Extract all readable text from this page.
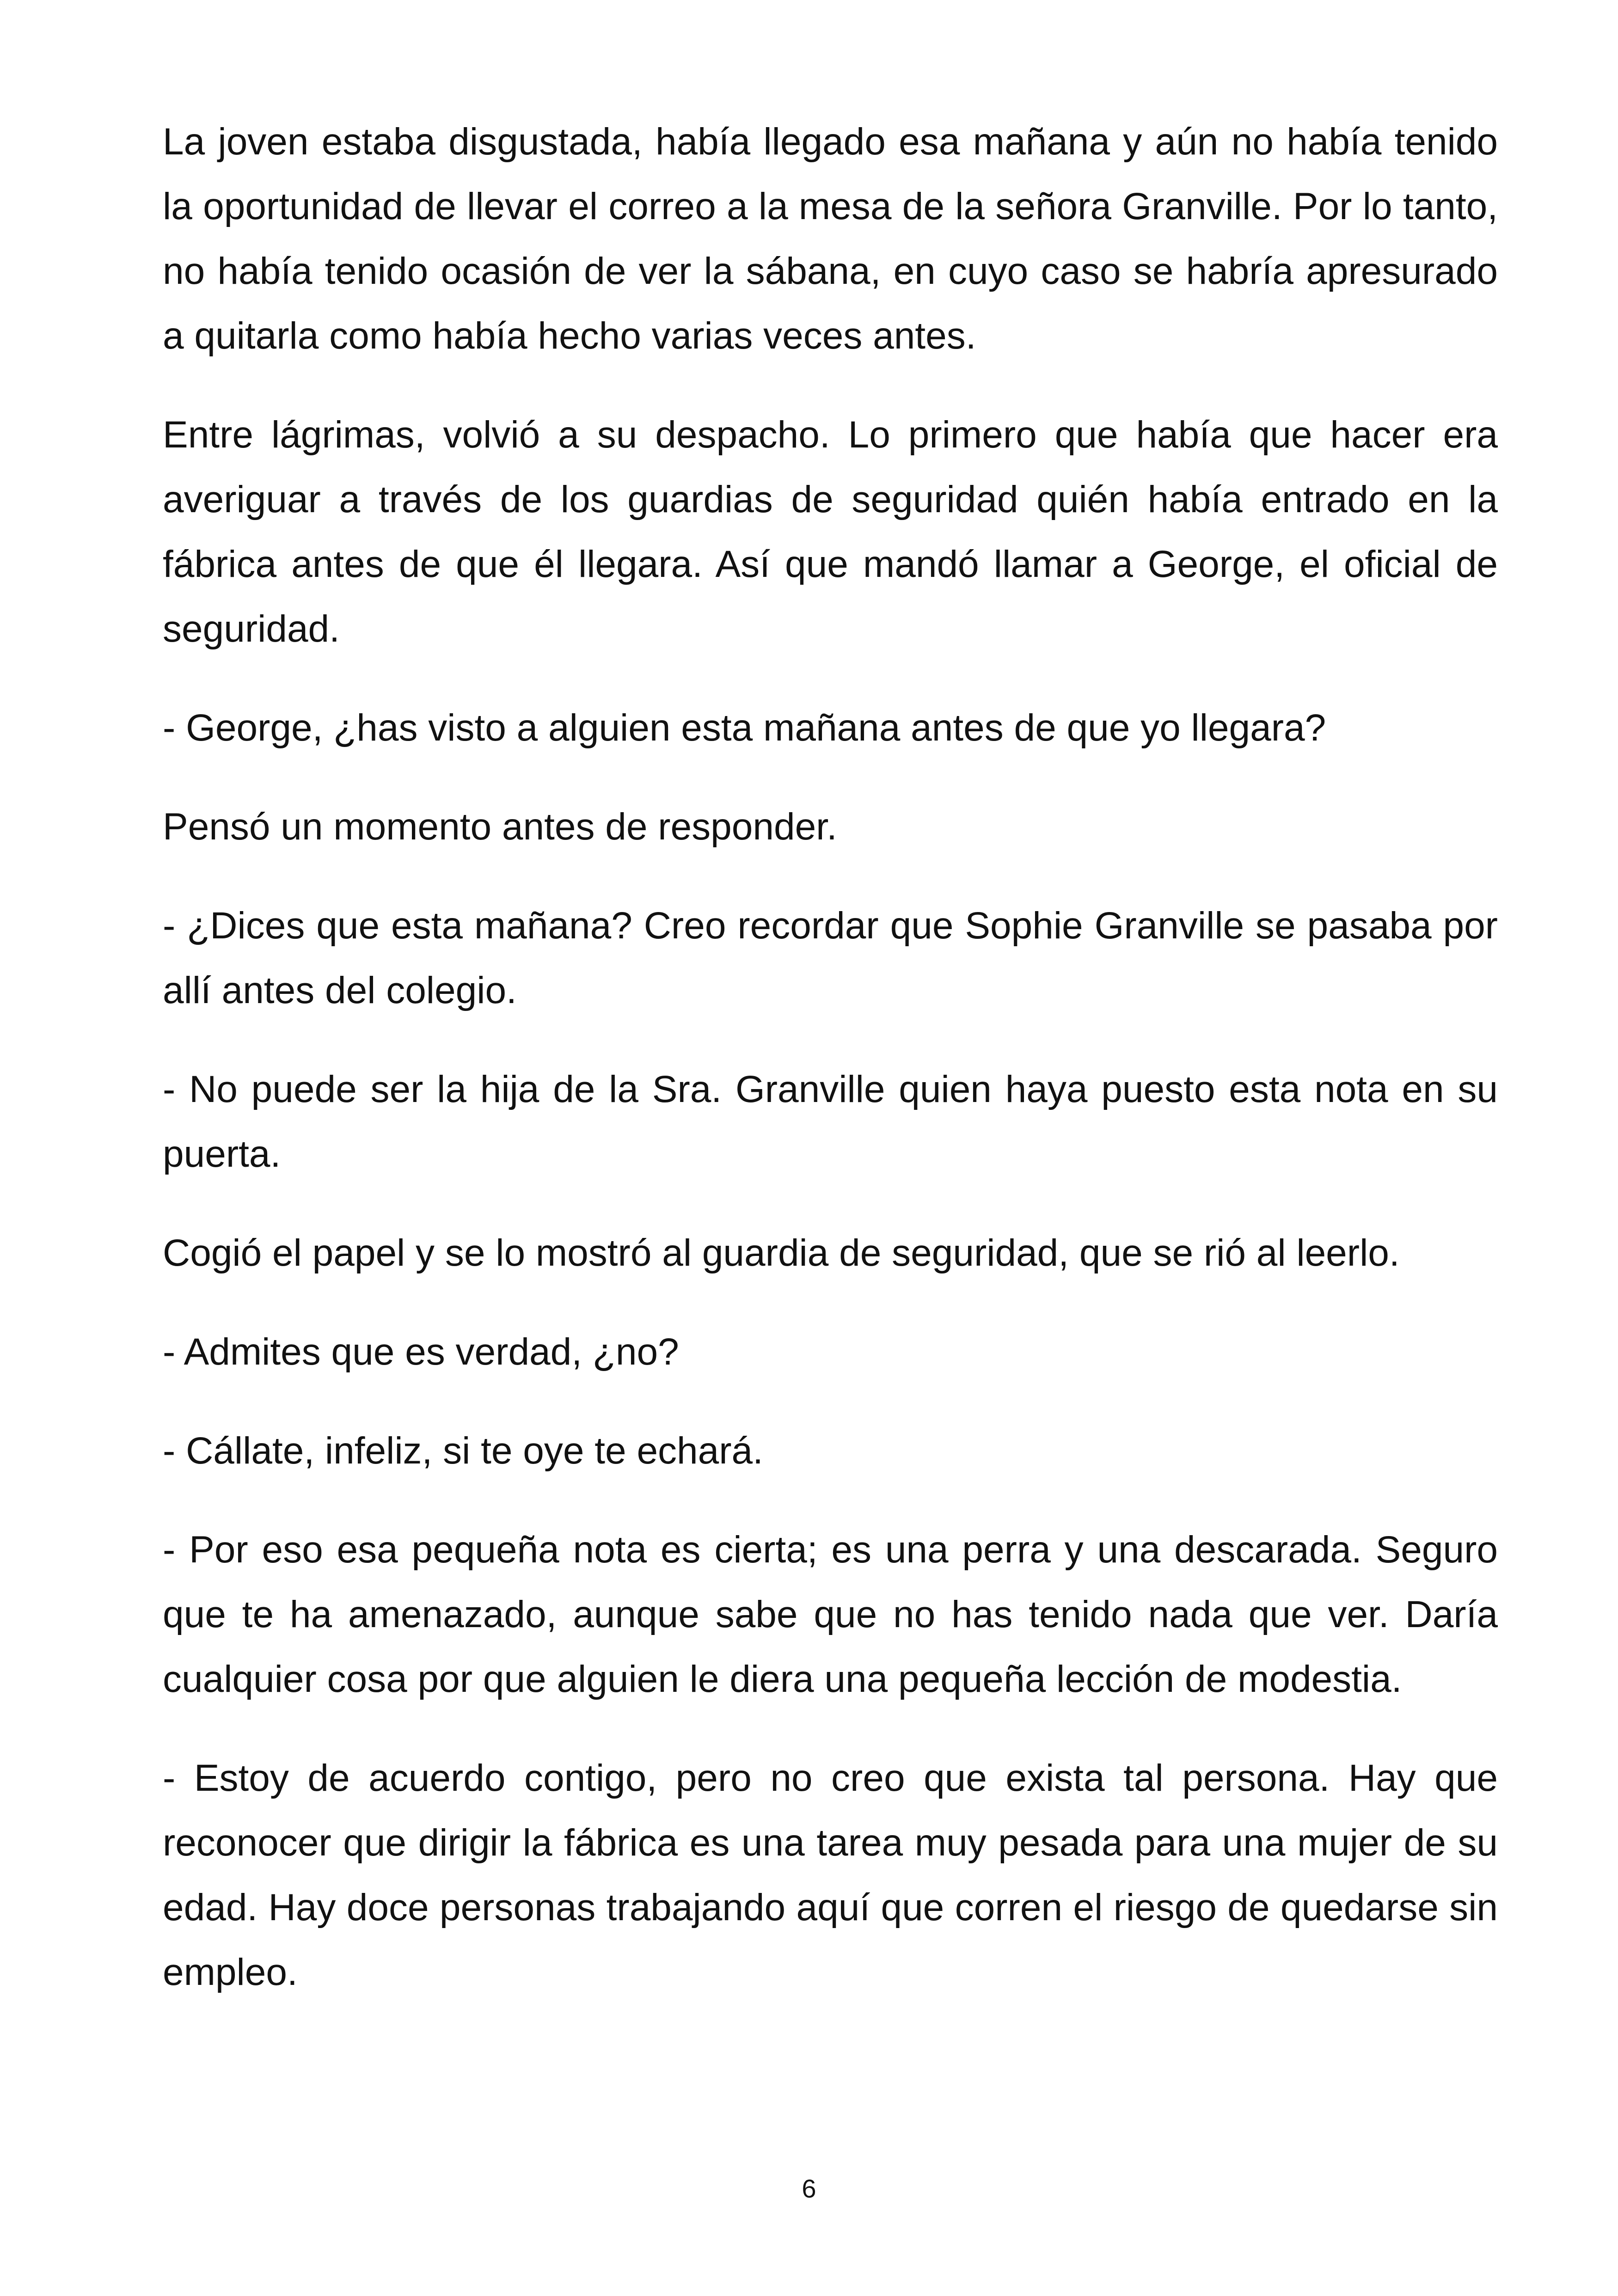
La joven estaba disgustada, había llegado esa mañana y aún no había tenido la oportunidad de llevar el correo a la mesa de la señora Granville. Por lo tanto, no había tenido ocasión de ver la sábana, en cuyo caso se habría apresurado a quitarla como había hecho varias veces antes.

Entre lágrimas, volvió a su despacho. Lo primero que había que hacer era averiguar a través de los guardias de seguridad quién había entrado en la fábrica antes de que él llegara. Así que mandó llamar a George, el oficial de seguridad.

- George, ¿has visto a alguien esta mañana antes de que yo llegara?

Pensó un momento antes de responder.

- ¿Dices que esta mañana? Creo recordar que Sophie Granville se pasaba por allí antes del colegio.

- No puede ser la hija de la Sra. Granville quien haya puesto esta nota en su puerta.

Cogió el papel y se lo mostró al guardia de seguridad, que se rió al leerlo.

- Admites que es verdad, ¿no?

- Cállate, infeliz, si te oye te echará.

- Por eso esa pequeña nota es cierta; es una perra y una descarada. Seguro que te ha amenazado, aunque sabe que no has tenido nada que ver. Daría cualquier cosa por que alguien le diera una pequeña lección de modestia.

- Estoy de acuerdo contigo, pero no creo que exista tal persona. Hay que reconocer que dirigir la fábrica es una tarea muy pesada para una mujer de su edad. Hay doce personas trabajando aquí que corren el riesgo de quedarse sin empleo.

6
